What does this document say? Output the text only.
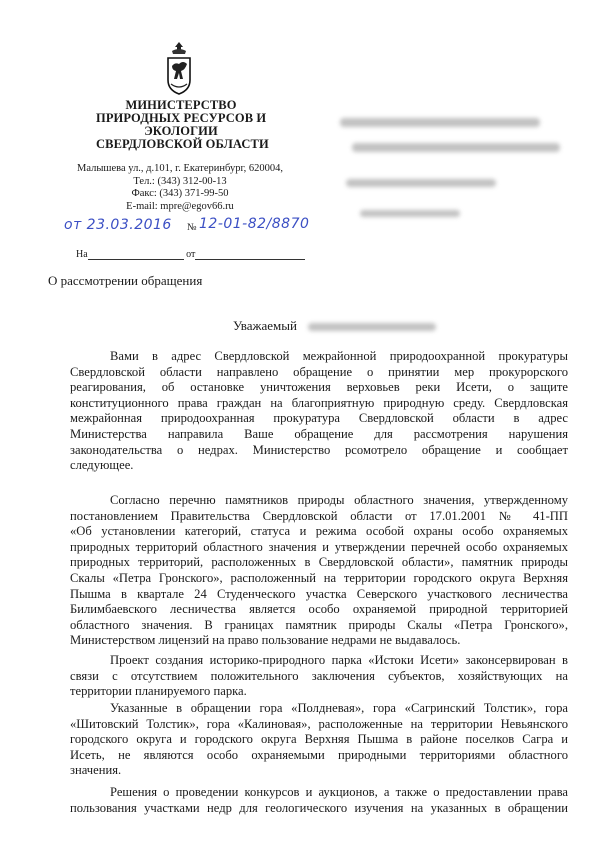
МИНИСТЕРСТВО
ПРИРОДНЫХ РЕСУРСОВ И
ЭКОЛОГИИ
СВЕРДЛОВСКОЙ ОБЛАСТИ
Малышева ул., д.101, г. Екатеринбург, 620004,
Тел.: (343) 312-00-13
Факс: (343) 371-99-50
E-mail: mpre@egov66.ru
от 23.03.2016 № 12-01-82/8870
На	от
О рассмотрении обращения
Уважаемый
Вами в адрес Свердловской межрайонной природоохранной прокуратуры
Свердловской области направлено обращение о принятии мер прокурорского
реагирования, об остановке уничтожения верховьев реки Исети, о защите
конституционного права граждан на благоприятную природную среду. Свердловская
межрайонная природоохранная прокуратура Свердловской области в адрес
Министерства направила Ваше обращение для рассмотрения нарушения
законодательства о недрах. Министерство рсомотрело обращение и сообщает
следующее.
Согласно перечню памятников природы областного значения, утвержденному
постановлением Правительства Свердловской области от 17.01.2001 № 41-ПП
«Об установлении категорий, статуса и режима особой охраны особо охраняемых
природных территорий областного значения и утверждении перечней особо охраняемых
природных территорий, расположенных в Свердловской области», памятник природы
Скалы «Петра Гронского», расположенный на территории городского округа Верхняя
Пышма в квартале 24 Студенческого участка Северского участкового лесничества
Билимбаевского лесничества является особо охраняемой природной территорией
областного значения. В границах памятник природы Скалы «Петра Гронского»,
Министерством лицензий на право пользование недрами не выдавалось.
Проект создания историко-природного парка «Истоки Исети» законсервирован в
связи с отсутствием положительного заключения субъектов, хозяйствующих на
территории планируемого парка.
Указанные в обращении гора «Полдневая», гора «Сагринский Толстик», гора
«Шитовский Толстик», гора «Калиновая», расположенные на территории Невьянского
городского округа и городского округа Верхняя Пышма в районе поселков Сагра и
Исеть, не являются особо охраняемыми природными территориями областного
значения.
Решения о проведении конкурсов и аукционов, а также о предоставлении права
пользования участками недр для геологического изучения на указанных в обращении
